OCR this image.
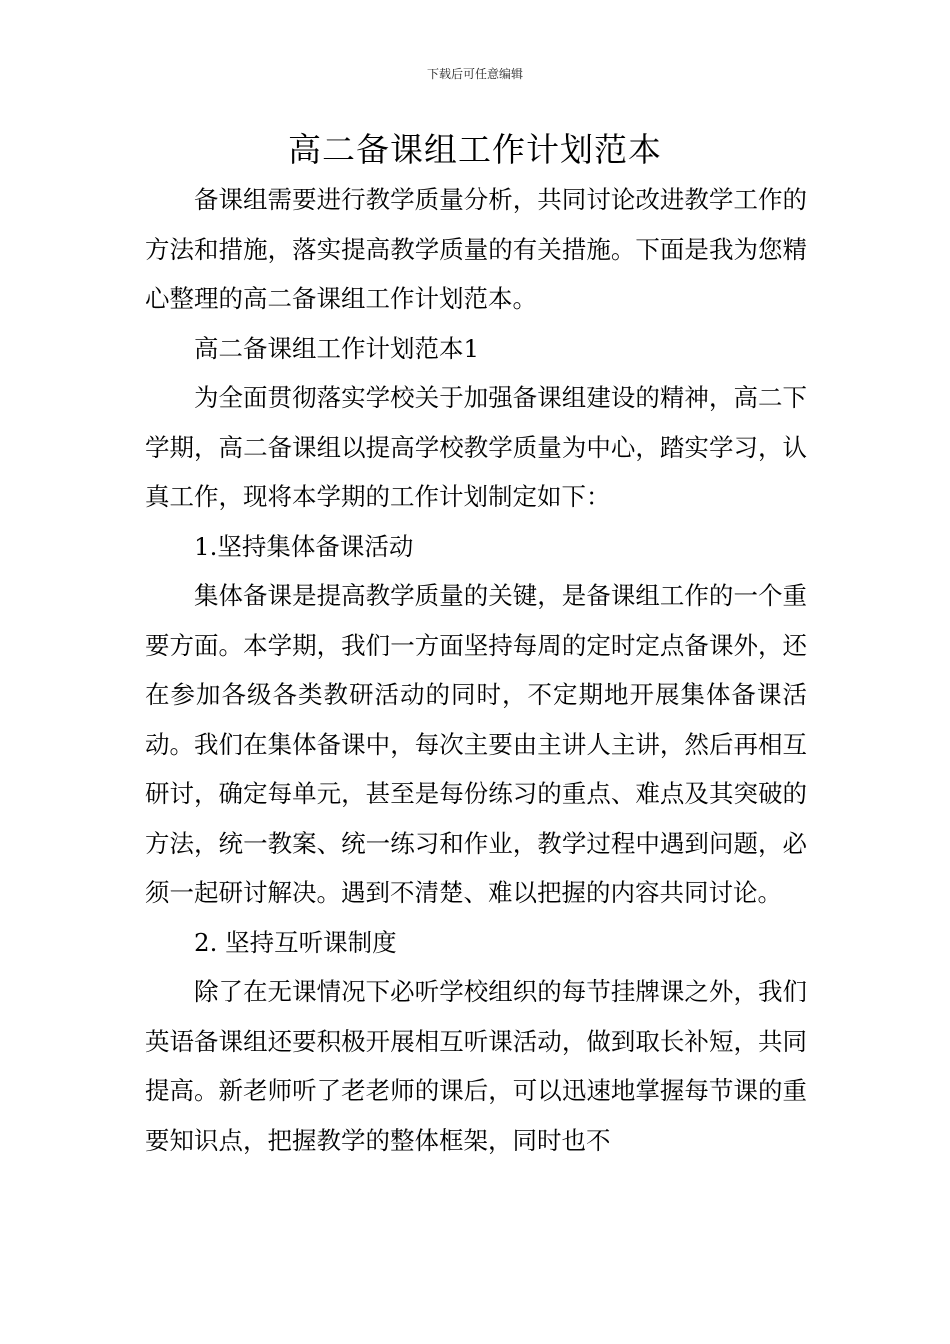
下载后可任意编辑
高二备课组工作计划范本

备课组需要进行教学质量分析，共同讨论改进教学工作的方法和措施，落实提高教学质量的有关措施。下面是我为您精心整理的高二备课组工作计划范本。

高二备课组工作计划范本1

为全面贯彻落实学校关于加强备课组建设的精神，高二下学期，高二备课组以提高学校教学质量为中心，踏实学习，认真工作，现将本学期的工作计划制定如下：

1.坚持集体备课活动

集体备课是提高教学质量的关键，是备课组工作的一个重要方面。本学期，我们一方面坚持每周的定时定点备课外，还在参加各级各类教研活动的同时，不定期地开展集体备课活动。我们在集体备课中，每次主要由主讲人主讲，然后再相互研讨，确定每单元，甚至是每份练习的重点、难点及其突破的方法，统一教案、统一练习和作业，教学过程中遇到问题，必须一起研讨解决。遇到不清楚、难以把握的内容共同讨论。

2. 坚持互听课制度

除了在无课情况下必听学校组织的每节挂牌课之外，我们英语备课组还要积极开展相互听课活动，做到取长补短，共同提高。新老师听了老老师的课后，可以迅速地掌握每节课的重要知识点，把握教学的整体框架，同时也不
